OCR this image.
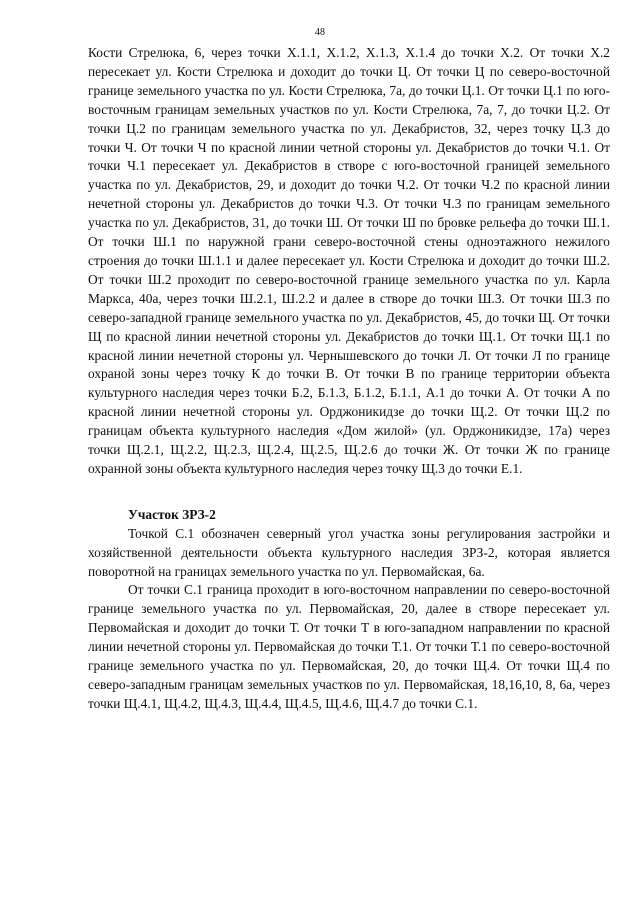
48

Кости Стрелюка, 6, через точки Х.1.1, Х.1.2, Х.1.3, Х.1.4 до точки Х.2. От точки Х.2 пересекает ул. Кости Стрелюка и доходит до точки Ц. От точки Ц по северо-восточной границе земельного участка по ул. Кости Стрелюка, 7а, до точки Ц.1. От точки Ц.1 по юго-восточным границам земельных участков по ул. Кости Стрелюка, 7а, 7, до точки Ц.2. От точки Ц.2 по границам земельного участка по ул. Декабристов, 32, через точку Ц.3 до точки Ч. От точки Ч по красной линии четной стороны ул. Декабристов до точки Ч.1. От точки Ч.1 пересекает ул. Декабристов в створе с юго-восточной границей земельного участка по ул. Декабристов, 29, и доходит до точки Ч.2. От точки Ч.2 по красной линии нечетной стороны ул. Декабристов до точки Ч.3. От точки Ч.3 по границам земельного участка по ул. Декабристов, 31, до точки Ш. От точки Ш по бровке рельефа до точки Ш.1. От точки Ш.1 по наружной грани северо-восточной стены одноэтажного нежилого строения до точки Ш.1.1 и далее пересекает ул. Кости Стрелюка и доходит до точки Ш.2. От точки Ш.2 проходит по северо-восточной границе земельного участка по ул. Карла Маркса, 40а, через точки Ш.2.1, Ш.2.2 и далее в створе до точки Ш.3. От точки Ш.3 по северо-западной границе земельного участка по ул. Декабристов, 45, до точки Щ. От точки Щ по красной линии нечетной стороны ул. Декабристов до точки Щ.1. От точки Щ.1 по красной линии нечетной стороны ул. Чернышевского до точки Л. От точки Л по границе охраной зоны через точку К до точки В. От точки В по границе территории объекта культурного наследия через точки Б.2, Б.1.3, Б.1.2, Б.1.1, А.1 до точки А. От точки А по красной линии нечетной стороны ул. Орджоникидзе до точки Щ.2. От точки Щ.2 по границам объекта культурного наследия «Дом жилой» (ул. Орджоникидзе, 17а) через точки Щ.2.1, Щ.2.2, Щ.2.3, Щ.2.4, Щ.2.5, Щ.2.6 до точки Ж. От точки Ж по границе охранной зоны объекта культурного наследия через точку Щ.3 до точки Е.1.

Участок ЗРЗ-2

Точкой С.1 обозначен северный угол участка зоны регулирования застройки и хозяйственной деятельности объекта культурного наследия ЗРЗ-2, которая является поворотной на границах земельного участка по ул. Первомайская, 6а.

От точки С.1 граница проходит в юго-восточном направлении по северо-восточной границе земельного участка по ул. Первомайская, 20, далее в створе пересекает ул. Первомайская и доходит до точки Т. От точки Т в юго-западном направлении по красной линии нечетной стороны ул. Первомайская до точки Т.1. От точки Т.1 по северо-восточной границе земельного участка по ул. Первомайская, 20, до точки Щ.4. От точки Щ.4 по северо-западным границам земельных участков по ул. Первомайская, 18,16,10, 8, 6а, через точки Щ.4.1, Щ.4.2, Щ.4.3, Щ.4.4, Щ.4.5, Щ.4.6, Щ.4.7 до точки С.1.
